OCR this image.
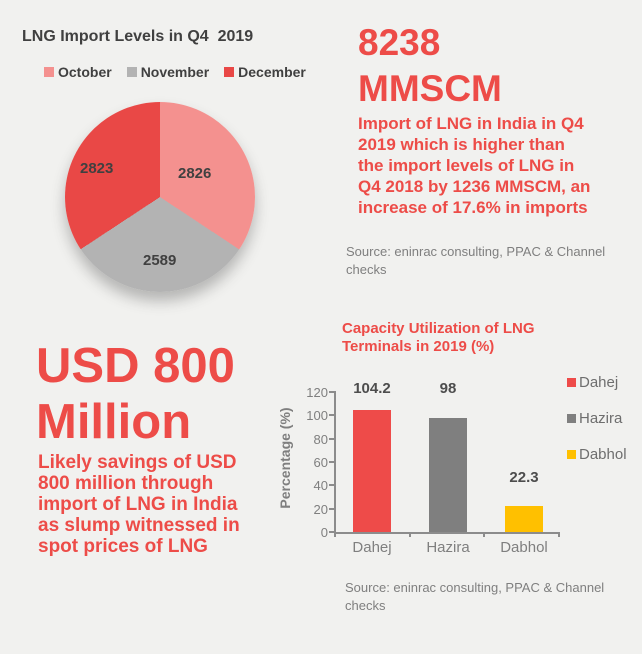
LNG Import Levels in Q4  2019
October November December
2823	2826
2589
8238
MMSCM
Import of LNG in India in Q4
2019 which is higher than
the import levels of LNG in
Q4 2018 by 1236 MMSCM, an
increase of 17.6% in imports
Source: eninrac consulting, PPAC & Channel
checks
USD 800
Million
Likely savings of USD
800 million through
import of LNG in India
as slump witnessed in
spot prices of LNG
Capacity Utilization of LNG
Terminals in 2019 (%)
Percentage (%)
0
20
40
60
80
100
120	104.2	98
22.3
Dahej	Hazira	Dabhol
Dahej
Hazira
Dabhol
Source: eninrac consulting, PPAC & Channel
checks
